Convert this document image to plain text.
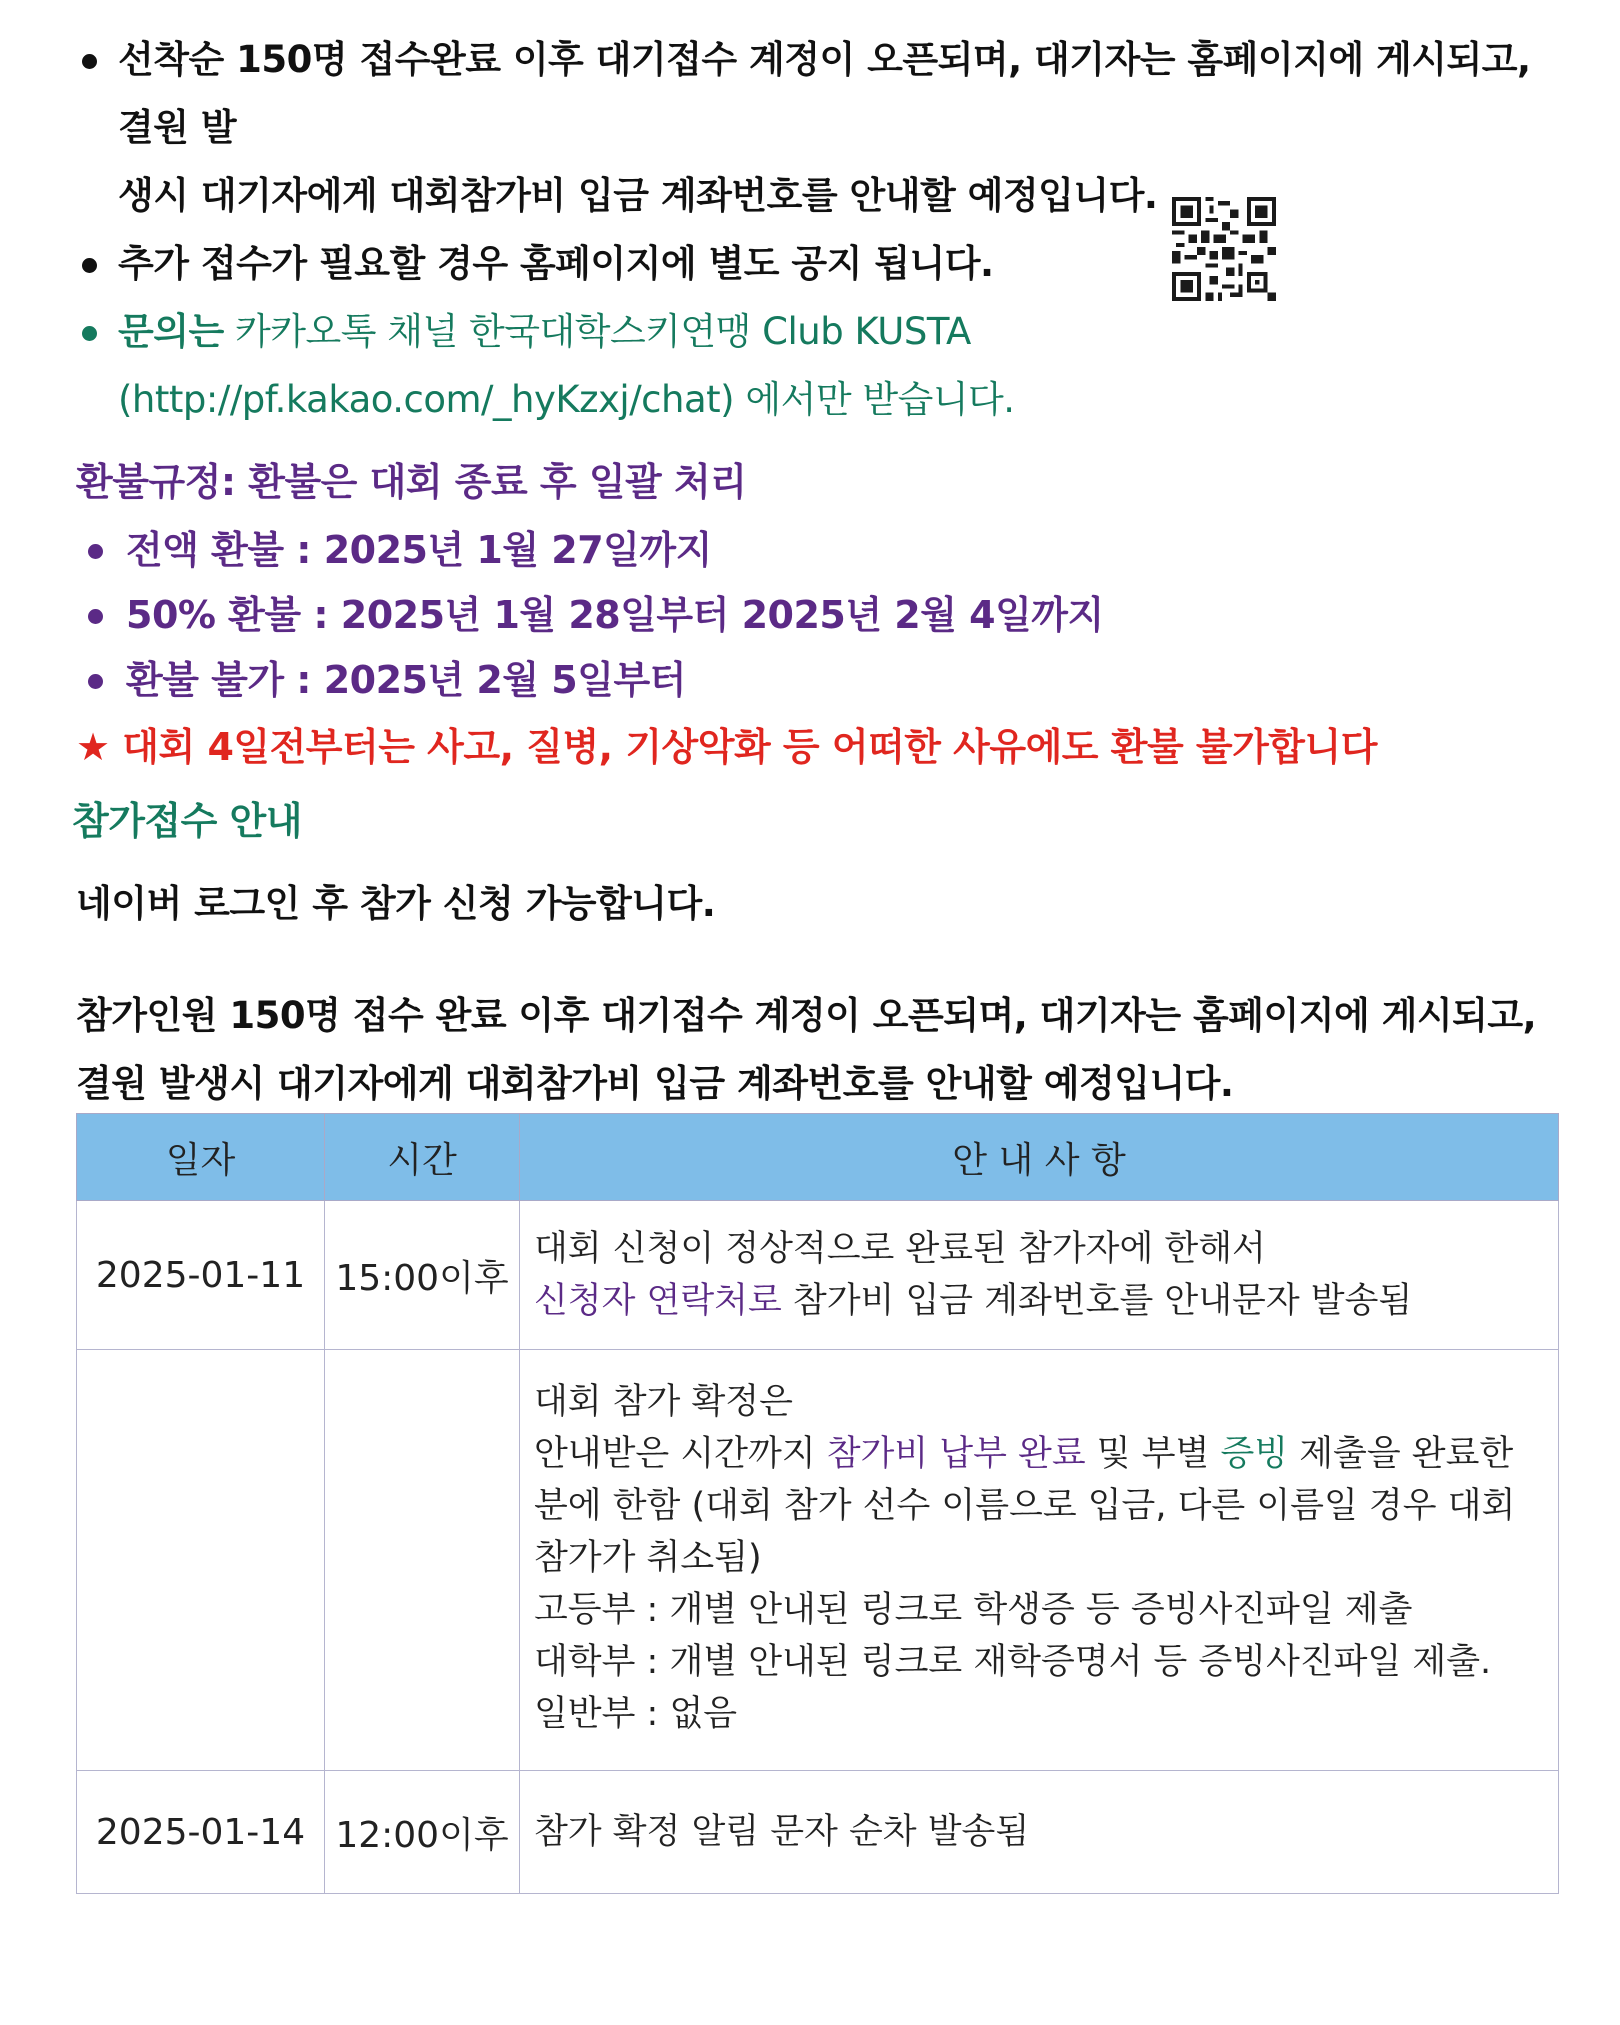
선착순 150명 접수완료 이후 대기접수 계정이 오픈되며, 대기자는 홈페이지에 게시되고, 결원 발
생시 대기자에게 대회참가비 입금 계좌번호를 안내할 예정입니다.
추가 접수가 필요할 경우 홈페이지에 별도 공지 됩니다.
문의는 카카오톡 채널 한국대학스키연맹 Club KUSTA
(http://pf.kakao.com/_hyKzxj/chat) 에서만 받습니다.
환불규정: 환불은 대회 종료 후 일괄 처리
전액 환불 : 2025년 1월 27일까지
50% 환불 : 2025년 1월 28일부터 2025년 2월 4일까지
환불 불가 : 2025년 2월 5일부터
★ 대회 4일전부터는 사고, 질병, 기상악화 등 어떠한 사유에도 환불 불가합니다
참가접수 안내
네이버 로그인 후 참가 신청 가능합니다.
참가인원 150명 접수 완료 이후 대기접수 계정이 오픈되며, 대기자는 홈페이지에 게시되고, 결원 발생시 대기자에게 대회참가비 입금 계좌번호를 안내할 예정입니다.
일자	시간	안 내 사 항
2025-01-11	15:00이후	대회 신청이 정상적으로 완료된 참가자에 한해서
신청자 연락처로 참가비 입금 계좌번호를 안내문자 발송됨

		대회 참가 확정은
안내받은 시간까지 참가비 납부 완료 및 부별 증빙 제출을 완료한 분에 한함 (대회 참가 선수 이름으로 입금, 다른 이름일 경우 대회 참가가 취소됨)
고등부 : 개별 안내된 링크로 학생증 등 증빙사진파일 제출
대학부 : 개별 안내된 링크로 재학증명서 등 증빙사진파일 제출.
일반부 : 없음

2025-01-14	12:00이후	참가 확정 알림 문자 순차 발송됨
